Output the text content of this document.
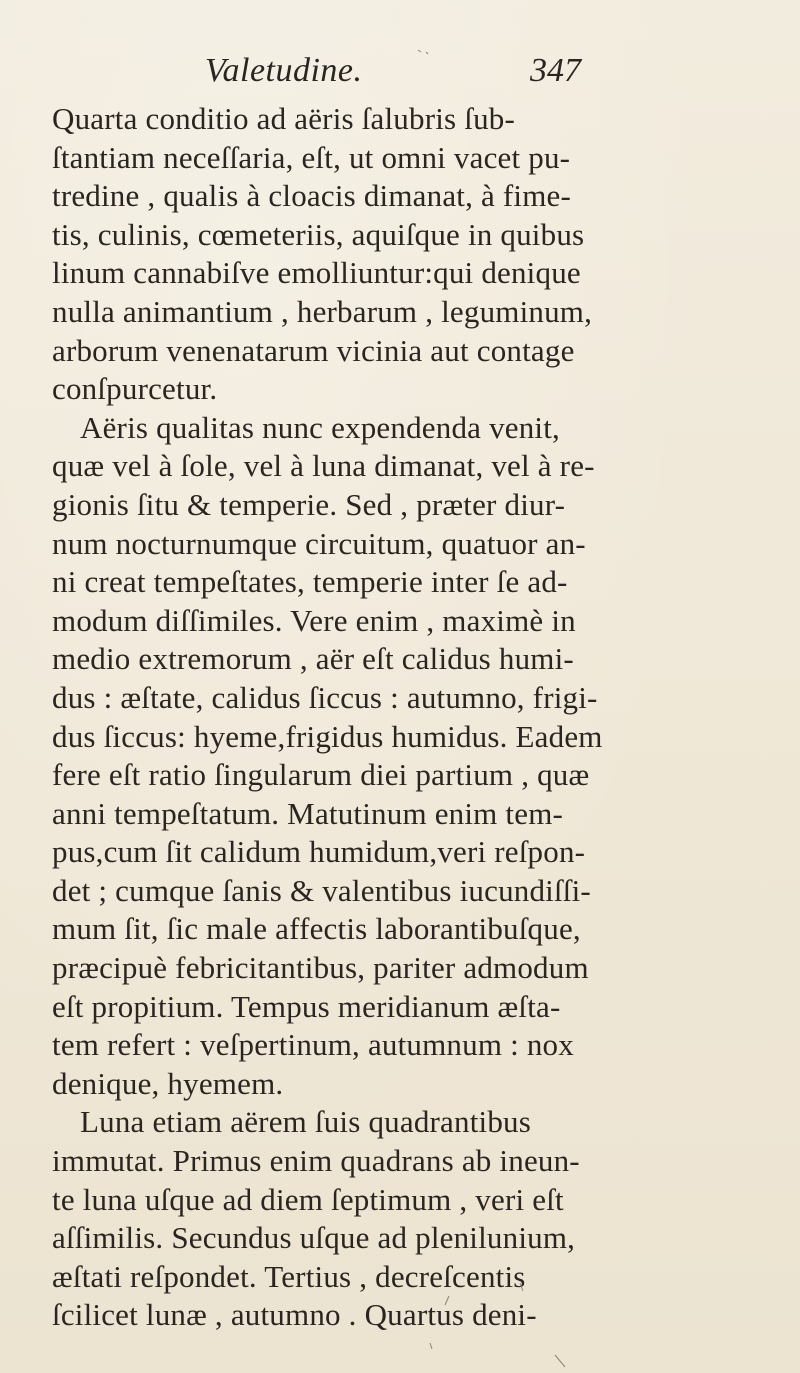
Valetudine.	347
Quarta conditio ad aëris ſalubris ſub-
ſtantiam neceſſaria, eſt, ut omni vacet pu-
tredine , qualis à cloacis dimanat, à fime-
tis, culinis, cœmeteriis, aquiſque in quibus
linum cannabiſve emolliuntur:qui denique
nulla animantium , herbarum , leguminum,
arborum venenatarum vicinia aut contage
conſpurcetur.
Aëris qualitas nunc expendenda venit,
quæ vel à ſole, vel à luna dimanat, vel à re-
gionis ſitu & temperie. Sed , præter diur-
num nocturnumque circuitum, quatuor an-
ni creat tempeſtates, temperie inter ſe ad-
modum diſſimiles. Vere enim , maximè in
medio extremorum , aër eſt calidus humi-
dus : æſtate, calidus ſiccus : autumno, frigi-
dus ſiccus: hyeme,frigidus humidus. Eadem
fere eſt ratio ſingularum diei partium , quæ
anni tempeſtatum. Matutinum enim tem-
pus,cum ſit calidum humidum,veri reſpon-
det ; cumque ſanis & valentibus iucundiſſi-
mum ſit, ſic male affectis laborantibuſque,
præcipuè febricitantibus, pariter admodum
eſt propitium. Tempus meridianum æſta-
tem refert : veſpertinum, autumnum : nox
denique, hyemem.
Luna etiam aërem ſuis quadrantibus
immutat. Primus enim quadrans ab ineun-
te luna uſque ad diem ſeptimum , veri eſt
aſſimilis. Secundus uſque ad plenilunium,
æſtati reſpondet. Tertius , decreſcentis
ſcilicet lunæ , autumno . Quartus deni-
